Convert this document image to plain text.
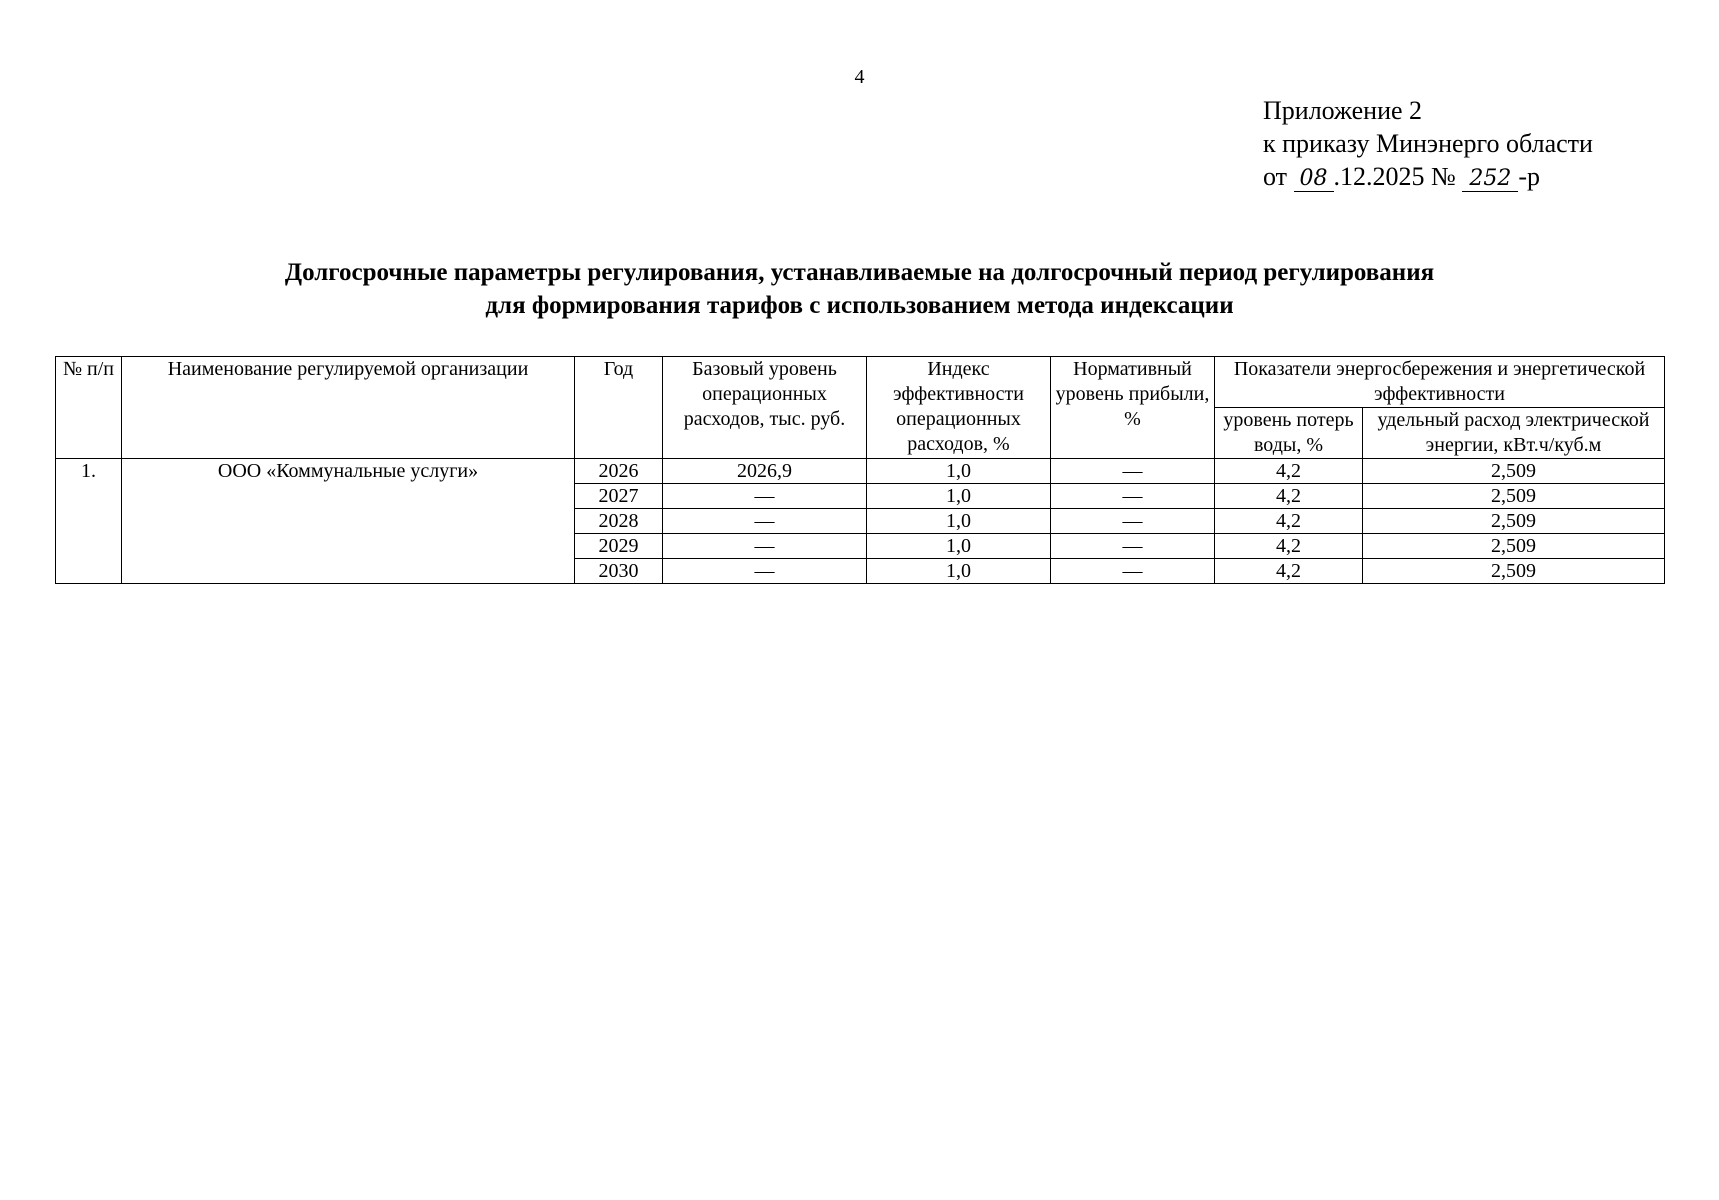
4
Приложение 2
к приказу Минэнерго области
от 08 .12.2025 № 252 -р
Долгосрочные параметры регулирования, устанавливаемые на долгосрочный период регулирования
для формирования тарифов с использованием метода индексации
№ п/п	Наименование регулируемой организации	Год	Базовый уровень операционных расходов, тыс. руб.	Индекс эффективности операционных расходов, %	Нормативный уровень прибыли, %	Показатели энергосбережения и энергетической эффективности	
						уровень потерь воды, %	удельный расход электрической энергии, кВт.ч/куб.м
1.	ООО «Коммунальные услуги»	2026	2026,9	1,0	—	4,2	2,509
		2027	—	1,0	—	4,2	2,509
		2028	—	1,0	—	4,2	2,509
		2029	—	1,0	—	4,2	2,509
		2030	—	1,0	—	4,2	2,509
